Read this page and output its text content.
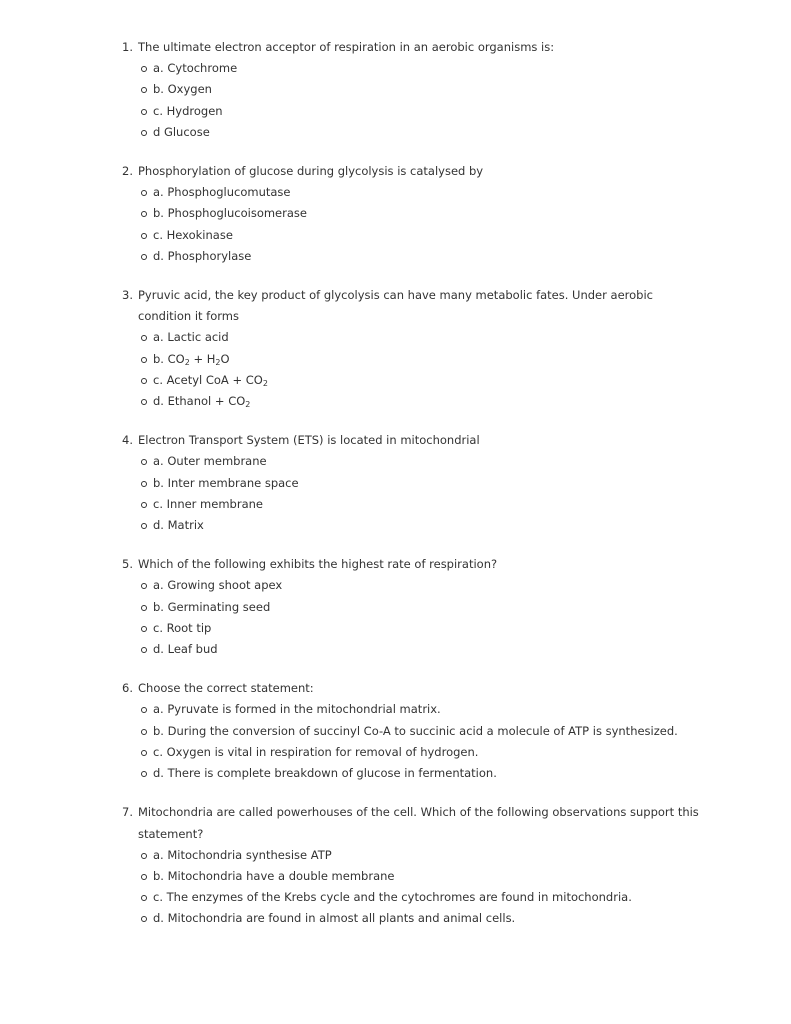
1. The ultimate electron acceptor of respiration in an aerobic organisms is:
a. Cytochrome
b. Oxygen
c. Hydrogen
d Glucose
2. Phosphorylation of glucose during glycolysis is catalysed by
a. Phosphoglucomutase
b. Phosphoglucoisomerase
c. Hexokinase
d. Phosphorylase
3. Pyruvic acid, the key product of glycolysis can have many metabolic fates. Under aerobic condition it forms
a. Lactic acid
b. $CO_2 + H_2O$
c. Acetyl CoA + $CO_2$
d. Ethanol + $CO_2$
4. Electron Transport System (ETS) is located in mitochondrial
a. Outer membrane
b. Inter membrane space
c. Inner membrane
d. Matrix
5. Which of the following exhibits the highest rate of respiration?
a. Growing shoot apex
b. Germinating seed
c. Root tip
d. Leaf bud
6. Choose the correct statement:
a. Pyruvate is formed in the mitochondrial matrix.
b. During the conversion of succinyl Co-A to succinic acid a molecule of ATP is synthesized.
c. Oxygen is vital in respiration for removal of hydrogen.
d. There is complete breakdown of glucose in fermentation.
7. Mitochondria are called powerhouses of the cell. Which of the following observations support this statement?
a. Mitochondria synthesise ATP
b. Mitochondria have a double membrane
c. The enzymes of the Krebs cycle and the cytochromes are found in mitochondria.
d. Mitochondria are found in almost all plants and animal cells.
